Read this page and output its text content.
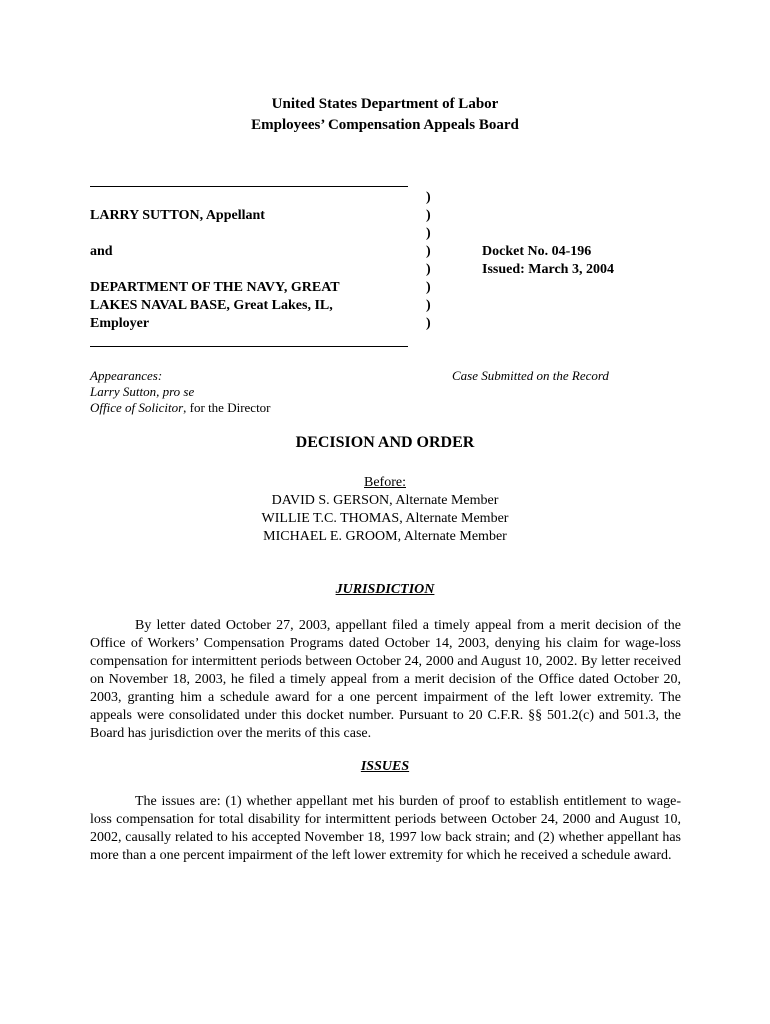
United States Department of Labor
Employees’ Compensation Appeals Board
LARRY SUTTON, Appellant
and
DEPARTMENT OF THE NAVY, GREAT
LAKES NAVAL BASE, Great Lakes, IL,
Employer
)
)
)
)
)
)
)
)
Docket No. 04-196
Issued: March 3, 2004
Appearances:
Larry Sutton, pro se
Office of Solicitor, for the Director
Case Submitted on the Record
DECISION AND ORDER
Before:
DAVID S. GERSON, Alternate Member
WILLIE T.C. THOMAS, Alternate Member
MICHAEL E. GROOM, Alternate Member
JURISDICTION
By letter dated October 27, 2003, appellant filed a timely appeal from a merit decision of the Office of Workers’ Compensation Programs dated October 14, 2003, denying his claim for wage-loss compensation for intermittent periods between October 24, 2000 and August 10, 2002. By letter received on November 18, 2003, he filed a timely appeal from a merit decision of the Office dated October 20, 2003, granting him a schedule award for a one percent impairment of the left lower extremity. The appeals were consolidated under this docket number. Pursuant to 20 C.F.R. §§ 501.2(c) and 501.3, the Board has jurisdiction over the merits of this case.
ISSUES
The issues are: (1) whether appellant met his burden of proof to establish entitlement to wage-loss compensation for total disability for intermittent periods between October 24, 2000 and August 10, 2002, causally related to his accepted November 18, 1997 low back strain; and (2) whether appellant has more than a one percent impairment of the left lower extremity for which he received a schedule award.
